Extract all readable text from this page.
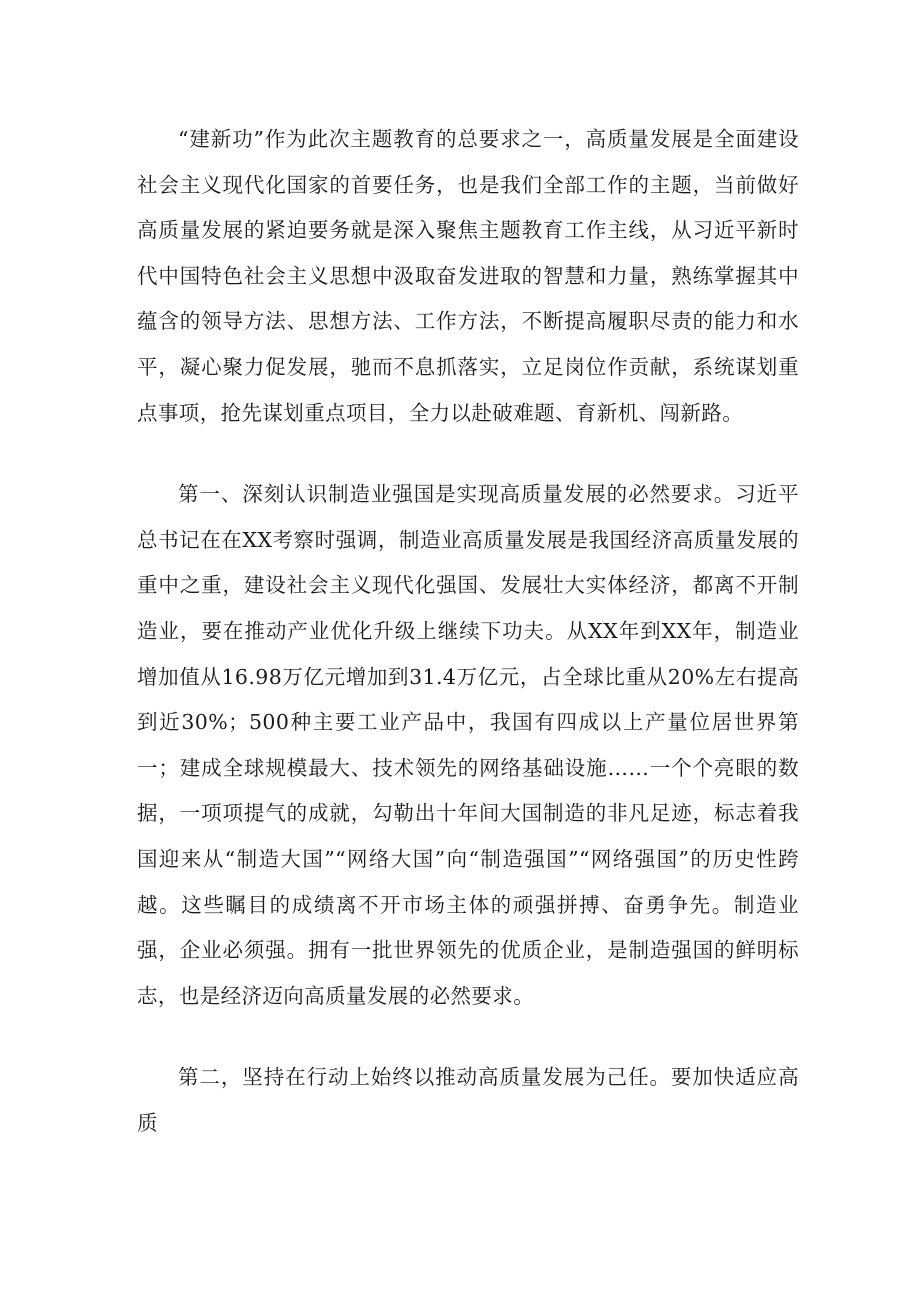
“建新功”作为此次主题教育的总要求之一，高质量发展是全面建设社会主义现代化国家的首要任务，也是我们全部工作的主题，当前做好高质量发展的紧迫要务就是深入聚焦主题教育工作主线，从习近平新时代中国特色社会主义思想中汲取奋发进取的智慧和力量，熟练掌握其中蕴含的领导方法、思想方法、工作方法，不断提高履职尽责的能力和水平，凝心聚力促发展，驰而不息抓落实，立足岗位作贡献，系统谋划重点事项，抢先谋划重点项目，全力以赴破难题、育新机、闯新路。

第一、深刻认识制造业强国是实现高质量发展的必然要求。习近平总书记在在XX考察时强调，制造业高质量发展是我国经济高质量发展的重中之重，建设社会主义现代化强国、发展壮大实体经济，都离不开制造业，要在推动产业优化升级上继续下功夫。从XX年到XX年，制造业增加值从16.98万亿元增加到31.4万亿元，占全球比重从20%左右提高到近30%；500种主要工业产品中，我国有四成以上产量位居世界第一；建成全球规模最大、技术领先的网络基础设施……一个个亮眼的数据，一项项提气的成就，勾勒出十年间大国制造的非凡足迹，标志着我国迎来从“制造大国”“网络大国”向“制造强国”“网络强国”的历史性跨越。这些瞩目的成绩离不开市场主体的顽强拼搏、奋勇争先。制造业强，企业必须强。拥有一批世界领先的优质企业，是制造强国的鲜明标志，也是经济迈向高质量发展的必然要求。

第二，坚持在行动上始终以推动高质量发展为己任。要加快适应高质
